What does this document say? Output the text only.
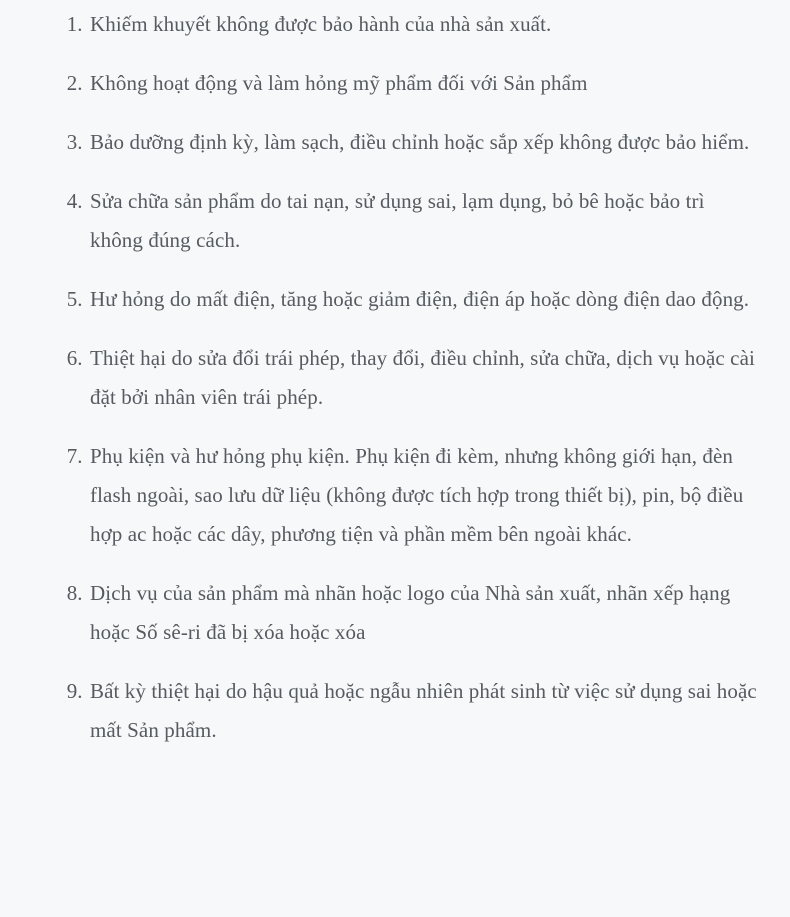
1. Khiếm khuyết không được bảo hành của nhà sản xuất.
2. Không hoạt động và làm hỏng mỹ phẩm đối với Sản phẩm
3. Bảo dưỡng định kỳ, làm sạch, điều chỉnh hoặc sắp xếp không được bảo hiểm.
4. Sửa chữa sản phẩm do tai nạn, sử dụng sai, lạm dụng, bỏ bê hoặc bảo trì không đúng cách.
5. Hư hỏng do mất điện, tăng hoặc giảm điện, điện áp hoặc dòng điện dao động.
6. Thiệt hại do sửa đổi trái phép, thay đổi, điều chỉnh, sửa chữa, dịch vụ hoặc cài đặt bởi nhân viên trái phép.
7. Phụ kiện và hư hỏng phụ kiện. Phụ kiện đi kèm, nhưng không giới hạn, đèn flash ngoài, sao lưu dữ liệu (không được tích hợp trong thiết bị), pin, bộ điều hợp ac hoặc các dây, phương tiện và phần mềm bên ngoài khác.
8. Dịch vụ của sản phẩm mà nhãn hoặc logo của Nhà sản xuất, nhãn xếp hạng hoặc Số sê-ri đã bị xóa hoặc xóa
9. Bất kỳ thiệt hại do hậu quả hoặc ngẫu nhiên phát sinh từ việc sử dụng sai hoặc mất Sản phẩm.
